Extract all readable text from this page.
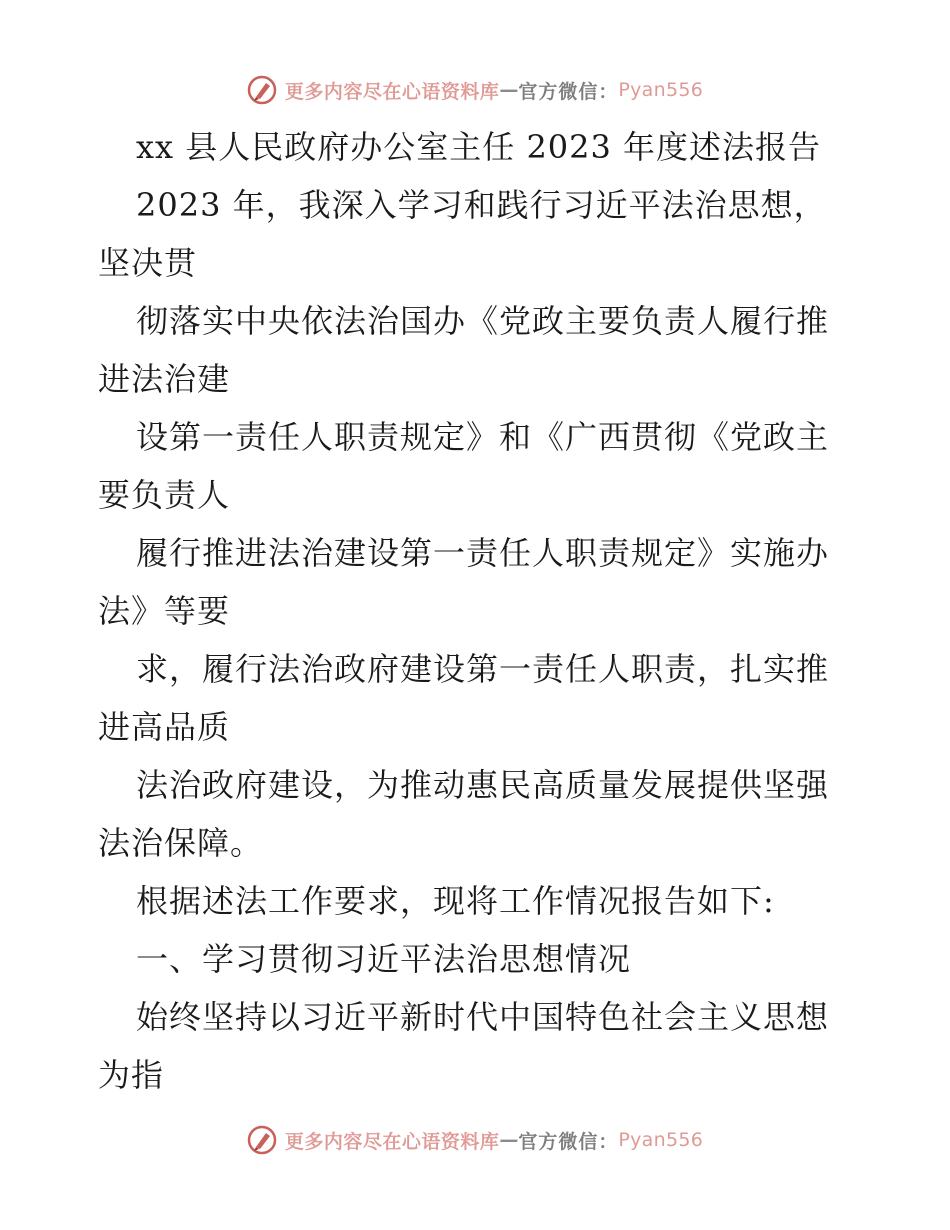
更多内容尽在心语资料库 — 官方微信： Pyan556
xx 县人民政府办公室主任 2023 年度述法报告
2023 年，我深入学习和践行习近平法治思想，
坚决贯
彻落实中央依法治国办《党政主要负责人履行推
进法治建
设第一责任人职责规定》和《广西贯彻《党政主
要负责人
履行推进法治建设第一责任人职责规定》实施办
法》等要
求，履行法治政府建设第一责任人职责，扎实推
进高品质
法治政府建设，为推动惠民高质量发展提供坚强
法治保障。
根据述法工作要求，现将工作情况报告如下:
一、学习贯彻习近平法治思想情况
始终坚持以习近平新时代中国特色社会主义思想
为指
更多内容尽在心语资料库 — 官方微信： Pyan556
